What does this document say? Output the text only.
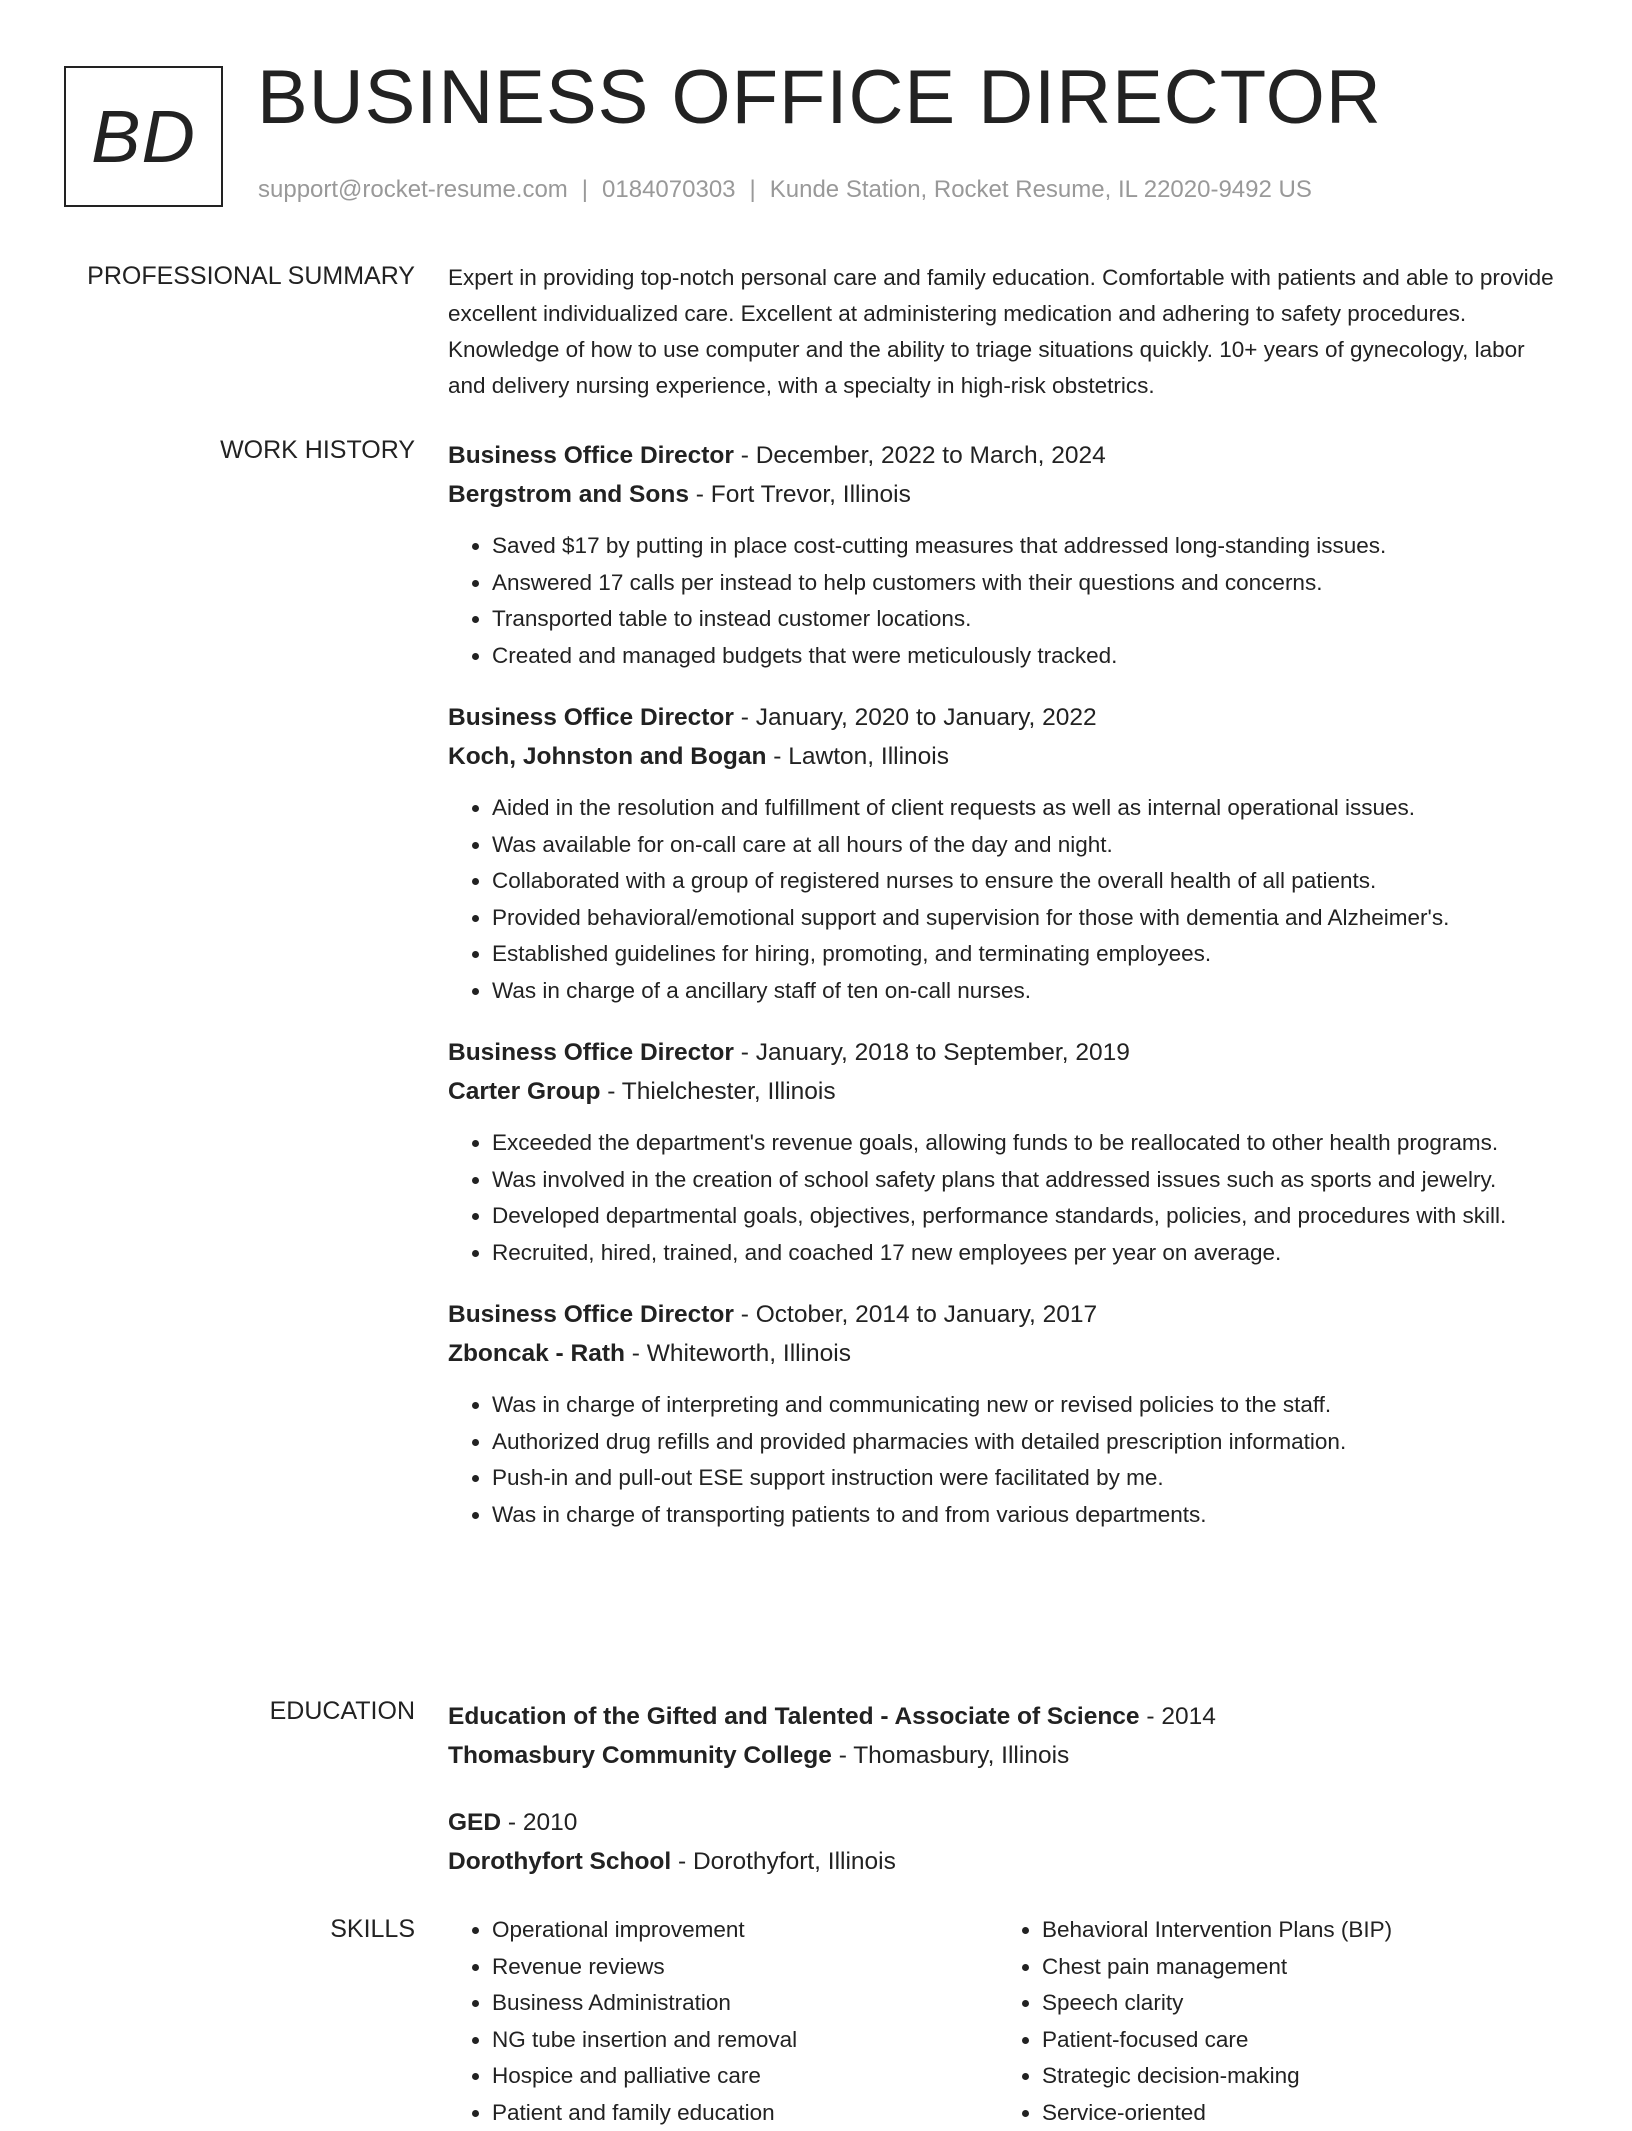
BD BUSINESS OFFICE DIRECTOR
support@rocket-resume.com | 0184070303 | Kunde Station, Rocket Resume, IL 22020-9492 US
PROFESSIONAL SUMMARY Expert in providing top-notch personal care and family education. Comfortable with patients and able to provide excellent individualized care. Excellent at administering medication and adhering to safety procedures. Knowledge of how to use computer and the ability to triage situations quickly. 10+ years of gynecology, labor and delivery nursing experience, with a specialty in high-risk obstetrics.

WORK HISTORY Business Office Director - December, 2022 to March, 2024
Bergstrom and Sons - Fort Trevor, Illinois
• Saved $17 by putting in place cost-cutting measures that addressed long-standing issues.
• Answered 17 calls per instead to help customers with their questions and concerns.
• Transported table to instead customer locations.
• Created and managed budgets that were meticulously tracked.
Business Office Director - January, 2020 to January, 2022
Koch, Johnston and Bogan - Lawton, Illinois
• Aided in the resolution and fulfillment of client requests as well as internal operational issues.
• Was available for on-call care at all hours of the day and night.
• Collaborated with a group of registered nurses to ensure the overall health of all patients.
• Provided behavioral/emotional support and supervision for those with dementia and Alzheimer's.
• Established guidelines for hiring, promoting, and terminating employees.
• Was in charge of a ancillary staff of ten on-call nurses.
Business Office Director - January, 2018 to September, 2019
Carter Group - Thielchester, Illinois
• Exceeded the department's revenue goals, allowing funds to be reallocated to other health programs.
• Was involved in the creation of school safety plans that addressed issues such as sports and jewelry.
• Developed departmental goals, objectives, performance standards, policies, and procedures with skill.
• Recruited, hired, trained, and coached 17 new employees per year on average.
Business Office Director - October, 2014 to January, 2017
Zboncak - Rath - Whiteworth, Illinois
• Was in charge of interpreting and communicating new or revised policies to the staff.
• Authorized drug refills and provided pharmacies with detailed prescription information.
• Push-in and pull-out ESE support instruction were facilitated by me.
• Was in charge of transporting patients to and from various departments.
EDUCATION Education of the Gifted and Talented - Associate of Science - 2014
Thomasbury Community College - Thomasbury, Illinois
GED - 2010
Dorothyfort School - Dorothyfort, Illinois
SKILLS
•	Operational improvement
• Revenue reviews
• Business Administration
• NG tube insertion and removal
• Hospice and palliative care
• Patient and family education
• Behavioral Intervention Plans (BIP)
• Chest pain management
• Speech clarity
• Patient-focused care
• Strategic decision-making
• Service-oriented
